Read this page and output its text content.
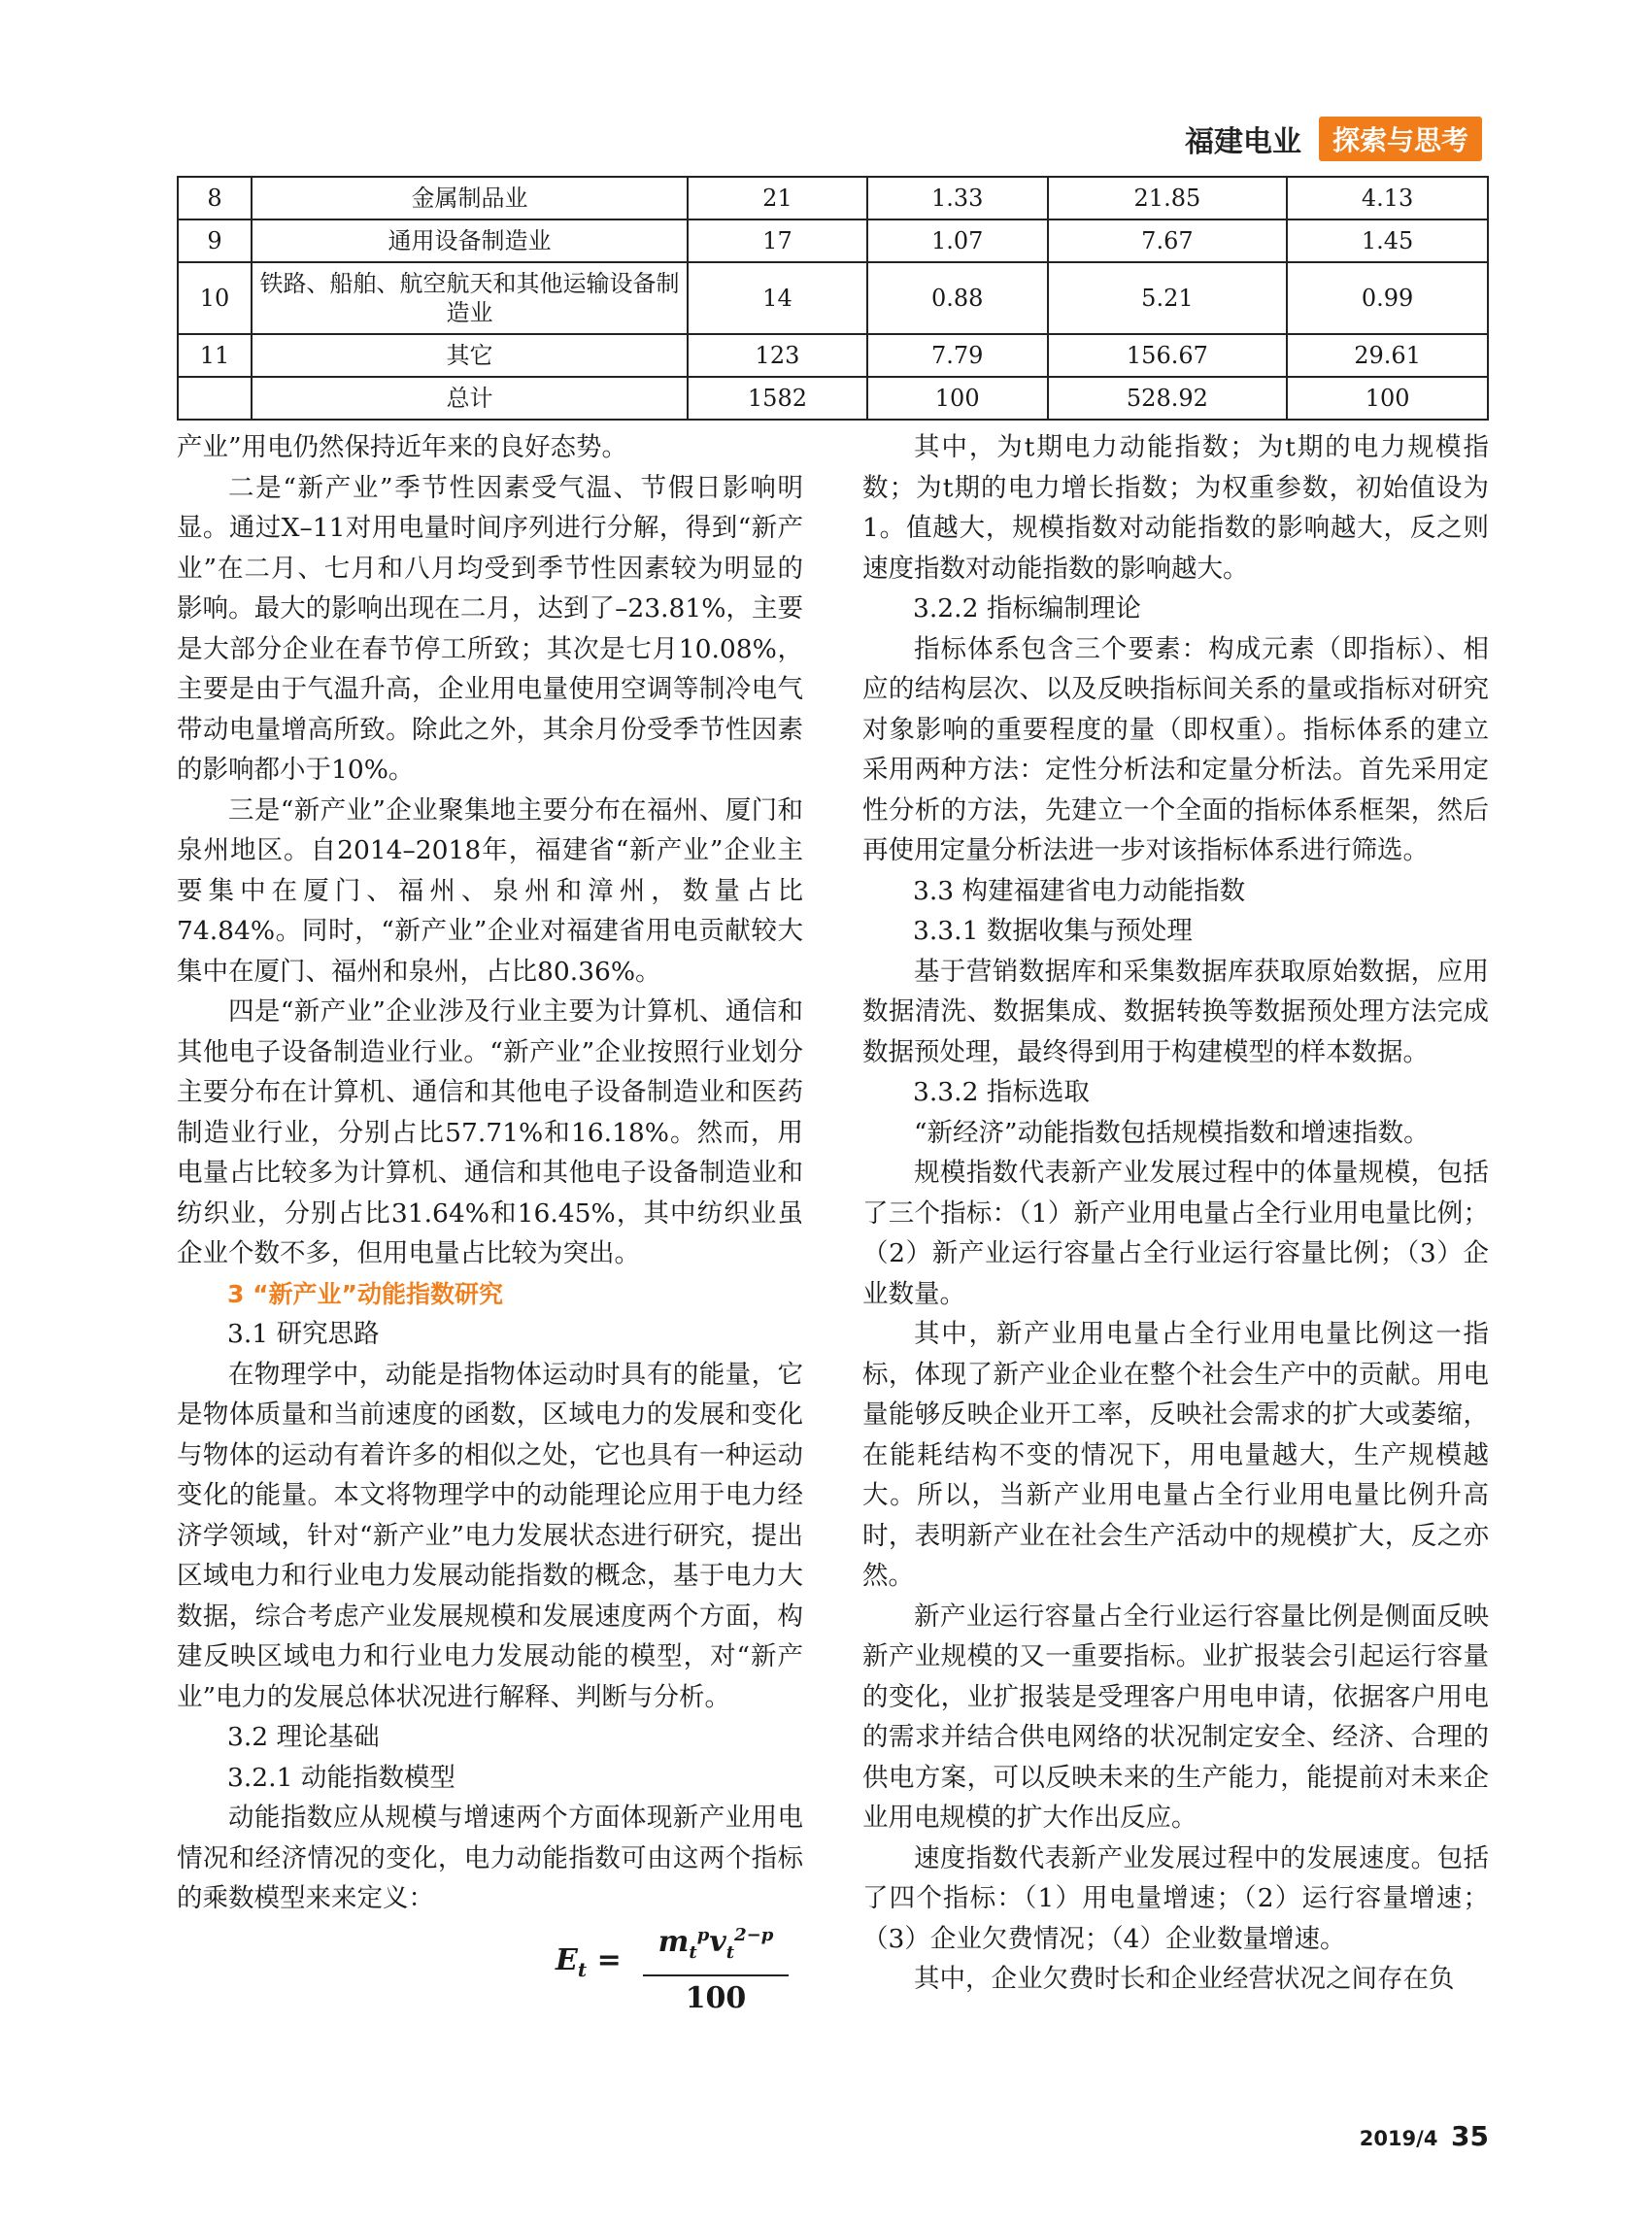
福建电业	探索与思考
8	金属制品业	21	1.33	21.85	4.13
9	通用设备制造业	17	1.07	7.67	1.45
10	铁路、船舶、航空航天和其他运输设备制造业	14	0.88	5.21	0.99
11	其它	123	7.79	156.67	29.61
	总计	1582	100	528.92	100

产业”用电仍然保持近年来的良好态势。

二是“新产业”季节性因素受气温、节假日影响明显。通过X–11对用电量时间序列进行分解，得到“新产业”在二月、七月和八月均受到季节性因素较为明显的影响。最大的影响出现在二月，达到了–23.81%，主要是大部分企业在春节停工所致；其次是七月10.08%，主要是由于气温升高，企业用电量使用空调等制冷电气带动电量增高所致。除此之外，其余月份受季节性因素的影响都小于10%。

三是“新产业”企业聚集地主要分布在福州、厦门和泉州地区。自2014–2018年，福建省“新产业”企业主要集中在厦门、福州、泉州和漳州，数量占比74.84%。同时，“新产业”企业对福建省用电贡献较大集中在厦门、福州和泉州，占比80.36%。

四是“新产业”企业涉及行业主要为计算机、通信和其他电子设备制造业行业。“新产业”企业按照行业划分主要分布在计算机、通信和其他电子设备制造业和医药制造业行业，分别占比57.71%和16.18%。然而，用电量占比较多为计算机、通信和其他电子设备制造业和纺织业，分别占比31.64%和16.45%，其中纺织业虽企业个数不多，但用电量占比较为突出。

3 “新产业”动能指数研究
3.1 研究思路

在物理学中，动能是指物体运动时具有的能量，它是物体质量和当前速度的函数，区域电力的发展和变化与物体的运动有着许多的相似之处，它也具有一种运动变化的能量。本文将物理学中的动能理论应用于电力经济学领域，针对“新产业”电力发展状态进行研究，提出区域电力和行业电力发展动能指数的概念，基于电力大数据，综合考虑产业发展规模和发展速度两个方面，构建反映区域电力和行业电力发展动能的模型，对“新产业”电力的发展总体状况进行解释、判断与分析。

3.2 理论基础
3.2.1 动能指数模型

动能指数应从规模与增速两个方面体现新产业用电情况和经济情况的变化，电力动能指数可由这两个指标的乘数模型来来定义：

$E_t$ =
$m_t^pv_t^{2-p}$
100

其中，为t期电力动能指数；为t期的电力规模指数；为t期的电力增长指数；为权重参数，初始值设为1。值越大，规模指数对动能指数的影响越大，反之则速度指数对动能指数的影响越大。

3.2.2 指标编制理论

指标体系包含三个要素：构成元素（即指标）、相应的结构层次、以及反映指标间关系的量或指标对研究对象影响的重要程度的量（即权重）。指标体系的建立采用两种方法：定性分析法和定量分析法。首先采用定性分析的方法，先建立一个全面的指标体系框架，然后再使用定量分析法进一步对该指标体系进行筛选。

3.3 构建福建省电力动能指数
3.3.1 数据收集与预处理

基于营销数据库和采集数据库获取原始数据，应用数据清洗、数据集成、数据转换等数据预处理方法完成数据预处理，最终得到用于构建模型的样本数据。

3.3.2 指标选取

“新经济”动能指数包括规模指数和增速指数。

规模指数代表新产业发展过程中的体量规模，包括了三个指标：（1）新产业用电量占全行业用电量比例；（2）新产业运行容量占全行业运行容量比例；（3）企业数量。

其中，新产业用电量占全行业用电量比例这一指标，体现了新产业企业在整个社会生产中的贡献。用电量能够反映企业开工率，反映社会需求的扩大或萎缩，在能耗结构不变的情况下，用电量越大，生产规模越大。所以，当新产业用电量占全行业用电量比例升高时，表明新产业在社会生产活动中的规模扩大，反之亦然。

新产业运行容量占全行业运行容量比例是侧面反映新产业规模的又一重要指标。业扩报装会引起运行容量的变化，业扩报装是受理客户用电申请，依据客户用电的需求并结合供电网络的状况制定安全、经济、合理的供电方案，可以反映未来的生产能力，能提前对未来企业用电规模的扩大作出反应。

速度指数代表新产业发展过程中的发展速度。包括了四个指标：（1）用电量增速；（2）运行容量增速；（3）企业欠费情况；（4）企业数量增速。

其中，企业欠费时长和企业经营状况之间存在负

2019/4 35
